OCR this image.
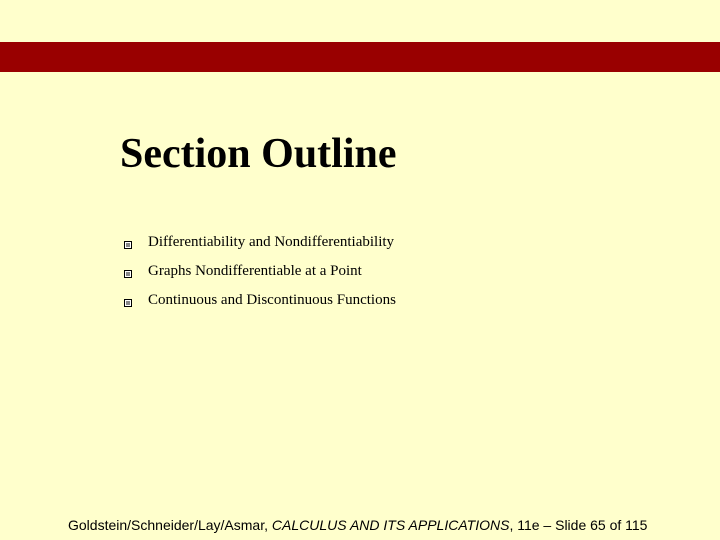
Section Outline
Differentiability and Nondifferentiability
Graphs Nondifferentiable at a Point
Continuous and Discontinuous Functions
Goldstein/Schneider/Lay/Asmar, CALCULUS AND ITS APPLICATIONS, 11e – Slide 65 of 115
